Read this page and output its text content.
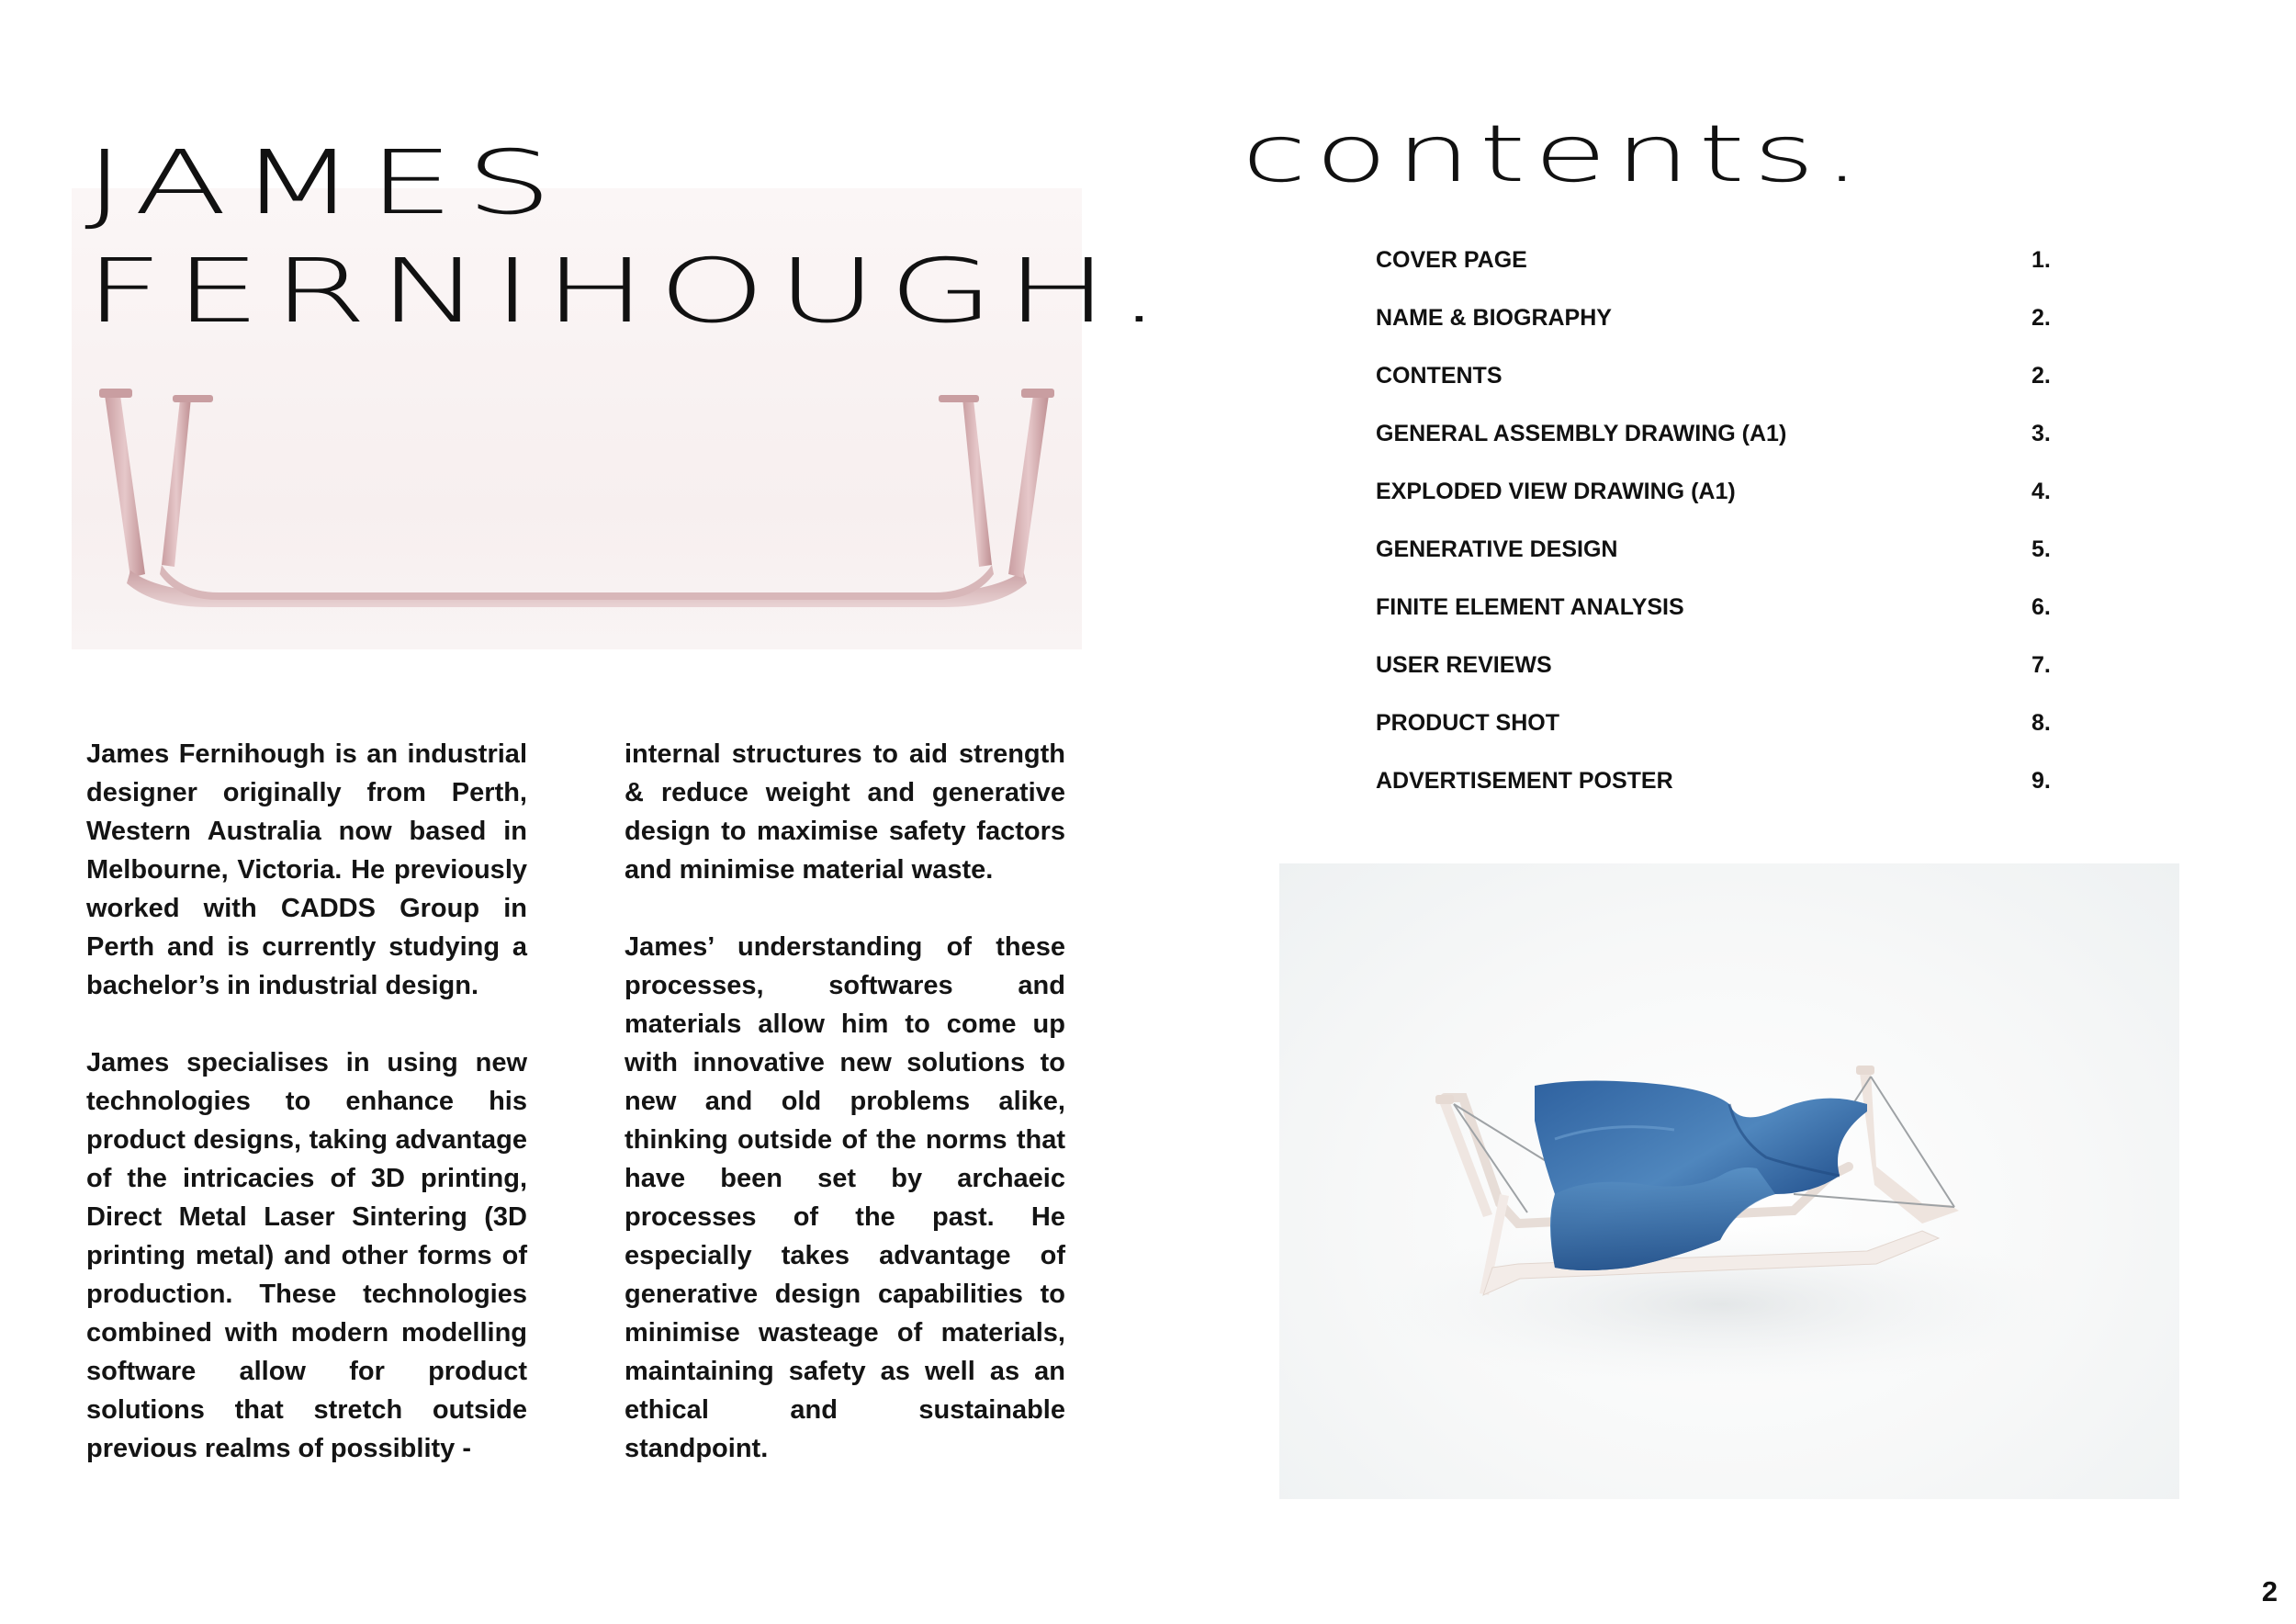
JAMES
FERNIHOUGH.
contents.
COVER PAGE	1.
NAME & BIOGRAPHY	2.
CONTENTS	2.
GENERAL ASSEMBLY DRAWING (A1)	3.
EXPLODED VIEW DRAWING (A1)	4.
GENERATIVE DESIGN	5.
FINITE ELEMENT ANALYSIS	6.
USER REVIEWS	7.
PRODUCT SHOT	8.
ADVERTISEMENT POSTER	9.

James Fernihough is an industrial designer originally from Perth, Western Australia now based in Melbourne, Victoria. He previously worked with CADDS Group in Perth and is currently studying a bachelor’s in industrial design.

James specialises in using new technologies to enhance his product designs, taking advantage of the intricacies of 3D printing, Direct Metal Laser Sintering (3D printing metal) and other forms of production. These technologies combined with modern modelling software allow for product solutions that stretch outside previous realms of possiblity -

internal structures to aid strength & reduce weight and generative design to maximise safety factors and minimise material waste.

James’ understanding of these processes, softwares and materials allow him to come up with innovative new solutions to new and old problems alike, thinking outside of the norms that have been set by archaeic processes of the past. He especially takes advantage of generative design capabilities to minimise wasteage of materials, maintaining safety as well as an ethical and sustainable standpoint.

2
